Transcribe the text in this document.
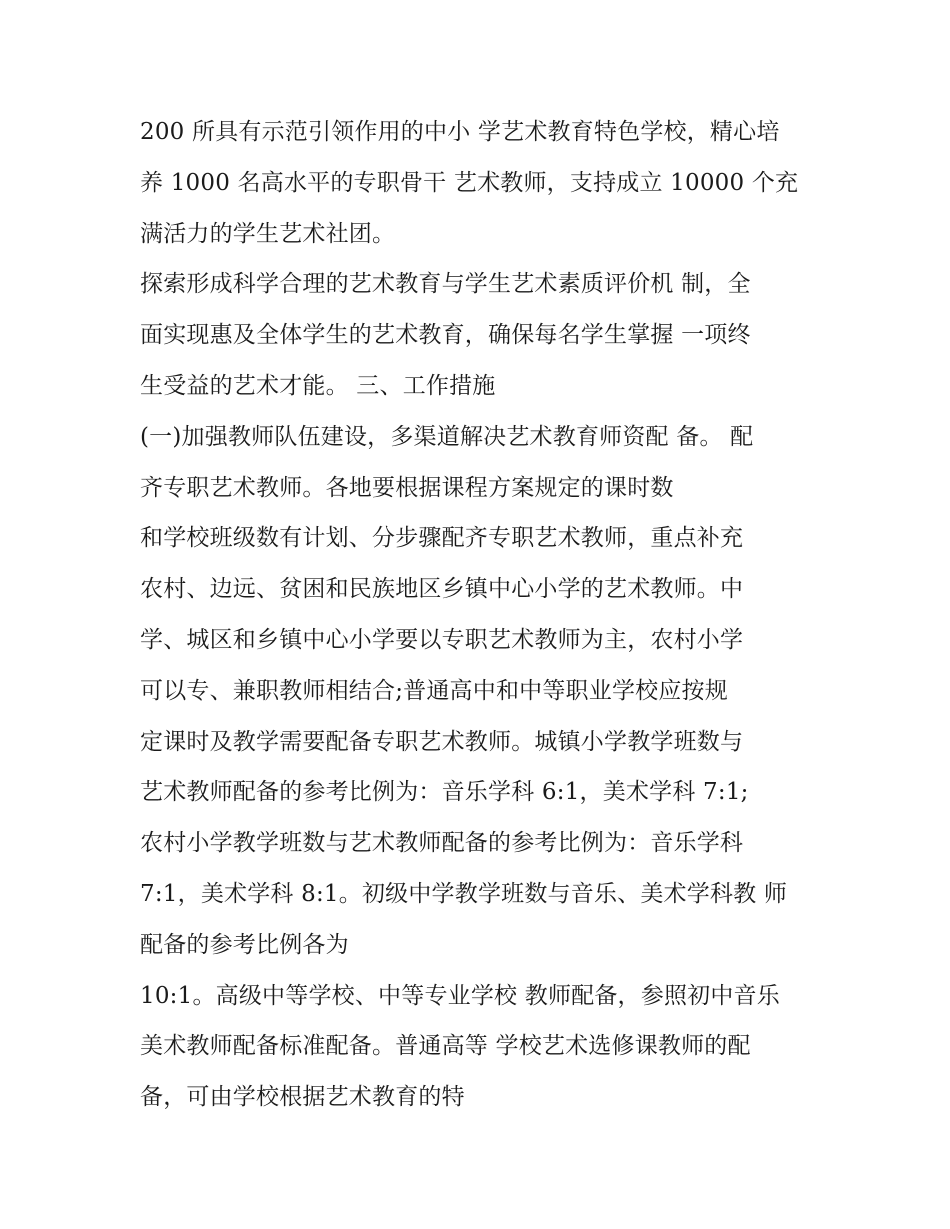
200 所具有示范引领作用的中小 学艺术教育特色学校，精心培
养 1000 名高水平的专职骨干 艺术教师，支持成立 10000 个充
满活力的学生艺术社团。
探索形成科学合理的艺术教育与学生艺术素质评价机 制，全
面实现惠及全体学生的艺术教育，确保每名学生掌握 一项终
生受益的艺术才能。 三、工作措施
(一)加强教师队伍建设，多渠道解决艺术教育师资配 备。 配
齐专职艺术教师。各地要根据课程方案规定的课时数
和学校班级数有计划、分步骤配齐专职艺术教师，重点补充
农村、边远、贫困和民族地区乡镇中心小学的艺术教师。中
学、城区和乡镇中心小学要以专职艺术教师为主，农村小学
可以专、兼职教师相结合;普通高中和中等职业学校应按规
定课时及教学需要配备专职艺术教师。城镇小学教学班数与
艺术教师配备的参考比例为：音乐学科 6:1，美术学科 7:1;
农村小学教学班数与艺术教师配备的参考比例为：音乐学科
7:1，美术学科 8:1。初级中学教学班数与音乐、美术学科教 师
配备的参考比例各为
10:1。高级中等学校、中等专业学校 教师配备，参照初中音乐
美术教师配备标准配备。普通高等 学校艺术选修课教师的配
备，可由学校根据艺术教育的特
